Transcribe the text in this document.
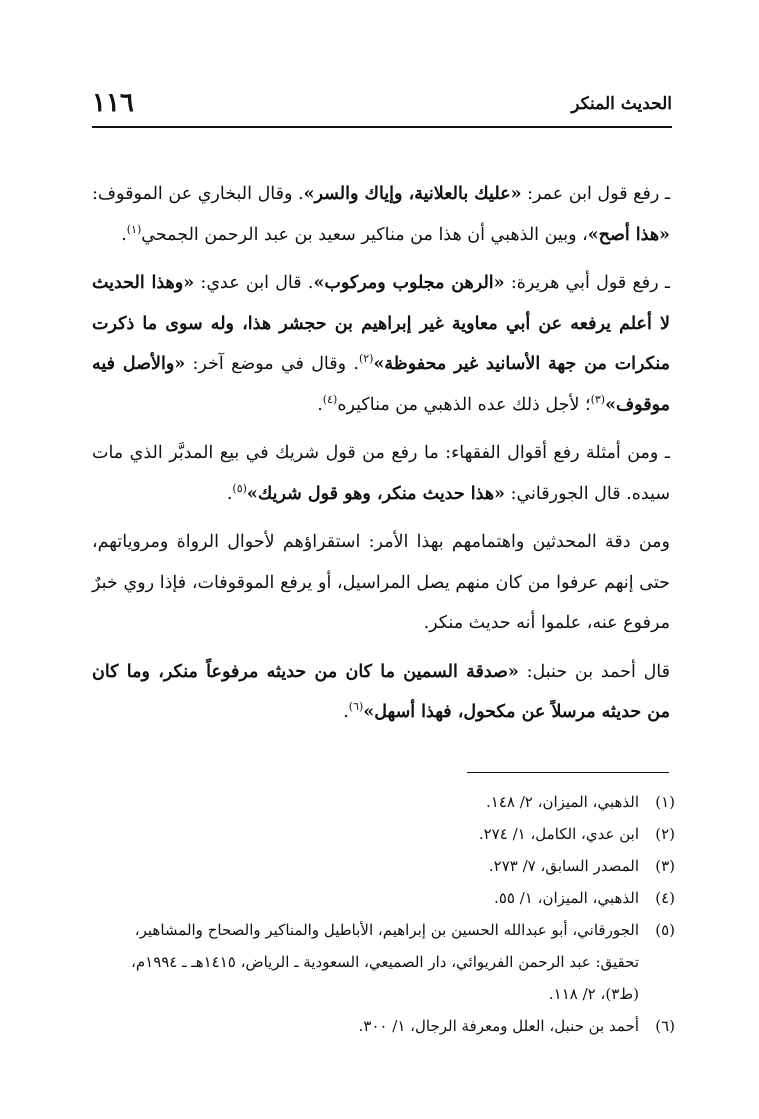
الحديث المنكر
١١٦

ـ رفع قول ابن عمر: «عليك بالعلانية، وإياك والسر». وقال البخاري عن الموقوف: «هذا أصح»، وبين الذهبي أن هذا من مناكير سعيد بن عبد الرحمن الجمحي$^{(١)}$.

ـ رفع قول أبي هريرة: «الرهن مجلوب ومركوب». قال ابن عدي: «وهذا الحديث لا أعلم يرفعه عن أبي معاوية غير إبراهيم بن حجشر هذا، وله سوى ما ذكرت منكرات من جهة الأسانيد غير محفوظة»$^{(٢)}$. وقال في موضع آخر: «والأصل فيه موقوف»$^{(٣)}$؛ لأجل ذلك عده الذهبي من مناكيره$^{(٤)}$.

ـ ومن أمثلة رفع أقوال الفقهاء: ما رفع من قول شريك في بيع المدبَّر الذي مات سيده. قال الجورقاني: «هذا حديث منكر، وهو قول شريك»$^{(٥)}$.

ومن دقة المحدثين واهتمامهم بهذا الأمر: استقراؤهم لأحوال الرواة ومروياتهم، حتى إنهم عرفوا من كان منهم يصل المراسيل، أو يرفع الموقوفات، فإذا روي خبرٌ مرفوع عنه، علموا أنه حديث منكر.

قال أحمد بن حنبل: «صدقة السمين ما كان من حديثه مرفوعاً منكر، وما كان من حديثه مرسلاً عن مكحول، فهذا أسهل»$^{(٦)}$.

(١)
الذهبي، الميزان، ٢/ ١٤٨.
(٢)
ابن عدي، الكامل، ١/ ٢٧٤.
(٣)
المصدر السابق، ٧/ ٢٧٣.
(٤)
الذهبي، الميزان، ١/ ٥٥.
(٥)
الجورقاني، أبو عبدالله الحسين بن إبراهيم، الأباطيل والمناكير والصحاح والمشاهير، تحقيق: عبد الرحمن الفريوائي، دار الصميعي، السعودية ـ الرياض، ١٤١٥هـ ـ ١٩٩٤م، (ط٣)، ٢/ ١١٨.
(٦)
أحمد بن حنبل، العلل ومعرفة الرجال، ١/ ٣٠٠.
